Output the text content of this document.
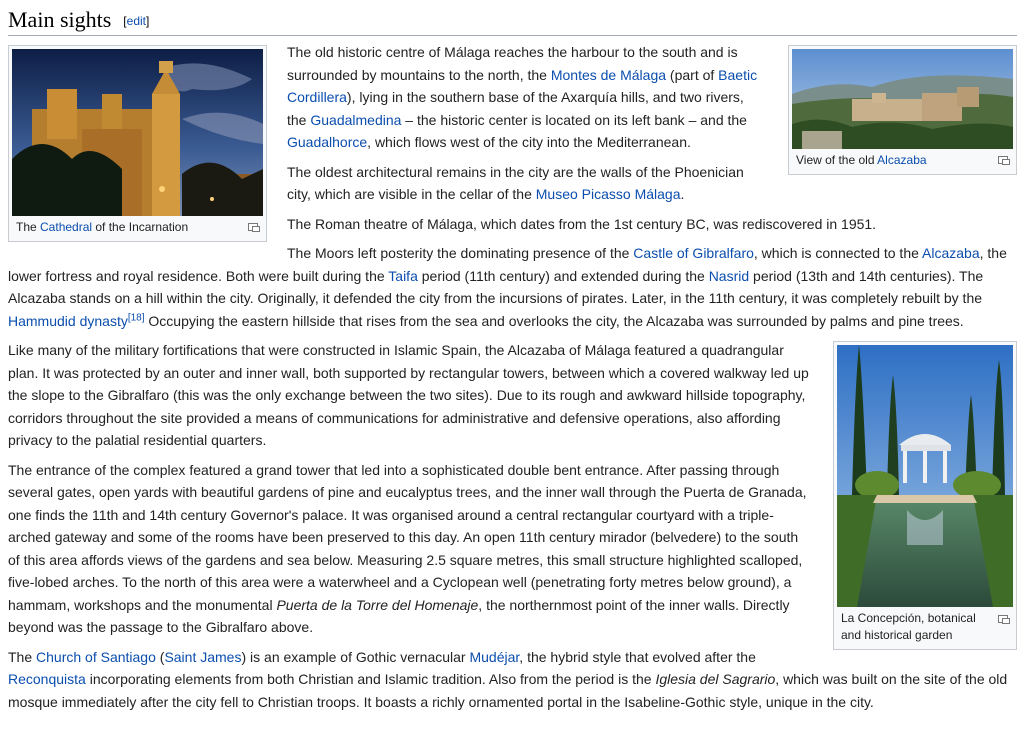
Main sights [edit]
The Cathedral of the Incarnation
View of the old Alcazaba

The old historic centre of Málaga reaches the harbour to the south and is surrounded by mountains to the north, the Montes de Málaga (part of Baetic Cordillera), lying in the southern base of the Axarquía hills, and two rivers, the Guadalmedina – the historic center is located on its left bank – and the Guadalhorce, which flows west of the city into the Mediterranean.

The oldest architectural remains in the city are the walls of the Phoenician city, which are visible in the cellar of the Museo Picasso Málaga.

The Roman theatre of Málaga, which dates from the 1st century BC, was rediscovered in 1951.

The Moors left posterity the dominating presence of the Castle of Gibralfaro, which is connected to the Alcazaba, the lower fortress and royal residence. Both were built during the Taifa period (11th century) and extended during the Nasrid period (13th and 14th centuries). The Alcazaba stands on a hill within the city. Originally, it defended the city from the incursions of pirates. Later, in the 11th century, it was completely rebuilt by the Hammudid dynasty[18] Occupying the eastern hillside that rises from the sea and overlooks the city, the Alcazaba was surrounded by palms and pine trees.

La Concepción, botanical and historical garden

Like many of the military fortifications that were constructed in Islamic Spain, the Alcazaba of Málaga featured a quadrangular plan. It was protected by an outer and inner wall, both supported by rectangular towers, between which a covered walkway led up the slope to the Gibralfaro (this was the only exchange between the two sites). Due to its rough and awkward hillside topography, corridors throughout the site provided a means of communications for administrative and defensive operations, also affording privacy to the palatial residential quarters.

The entrance of the complex featured a grand tower that led into a sophisticated double bent entrance. After passing through several gates, open yards with beautiful gardens of pine and eucalyptus trees, and the inner wall through the Puerta de Granada, one finds the 11th and 14th century Governor's palace. It was organised around a central rectangular courtyard with a triple-arched gateway and some of the rooms have been preserved to this day. An open 11th century mirador (belvedere) to the south of this area affords views of the gardens and sea below. Measuring 2.5 square metres, this small structure highlighted scalloped, five-lobed arches. To the north of this area were a waterwheel and a Cyclopean well (penetrating forty metres below ground), a hammam, workshops and the monumental Puerta de la Torre del Homenaje, the northernmost point of the inner walls. Directly beyond was the passage to the Gibralfaro above.

The Church of Santiago (Saint James) is an example of Gothic vernacular Mudéjar, the hybrid style that evolved after the Reconquista incorporating elements from both Christian and Islamic tradition. Also from the period is the Iglesia del Sagrario, which was built on the site of the old mosque immediately after the city fell to Christian troops. It boasts a richly ornamented portal in the Isabeline-Gothic style, unique in the city.
